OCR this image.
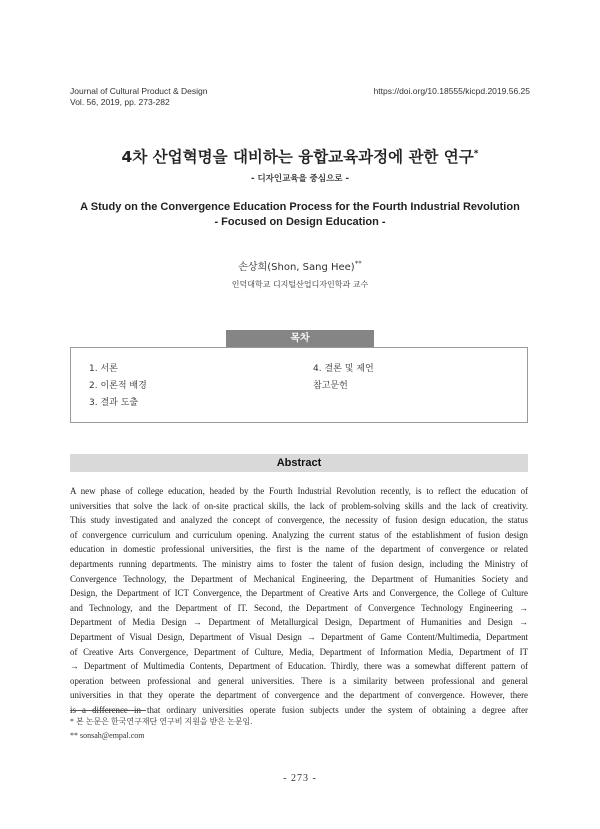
Journal of Cultural Product & Design
Vol. 56, 2019, pp. 273-282
https://doi.org/10.18555/kicpd.2019.56.25
4차 산업혁명을 대비하는 융합교육과정에 관한 연구*
- 디자인교육을 중심으로 -
A Study on the Convergence Education Process for the Fourth Industrial Revolution
- Focused on Design Education -
손상희(Shon, Sang Hee)**
인덕대학교 디지털산업디자인학과 교수
목차
1. 서론
2. 이론적 배경
3. 결과 도출
4. 결론 및 제언
참고문헌
Abstract
A new phase of college education, headed by the Fourth Industrial Revolution recently, is to reflect the education of
universities that solve the lack of on-site practical skills, the lack of problem-solving skills and the lack of creativity.
This study investigated and analyzed the concept of convergence, the necessity of fusion design education, the status
of convergence curriculum and curriculum opening. Analyzing the current status of the establishment of fusion design
education in domestic professional universities, the first is the name of the department of convergence or related
departments running departments. The ministry aims to foster the talent of fusion design, including the Ministry of
Convergence Technology, the Department of Mechanical Engineering, the Department of Humanities Society and
Design, the Department of ICT Convergence, the Department of Creative Arts and Convergence, the College of Culture
and Technology, and the Department of IT. Second, the Department of Convergence Technology Engineering →
Department of Media Design → Department of Metallurgical Design, Department of Humanities and Design →
Department of Visual Design, Department of Visual Design → Department of Game Content/Multimedia, Department
of Creative Arts Convergence, Department of Culture, Media, Department of Information Media, Department of IT
→ Department of Multimedia Contents, Department of Education. Thirdly, there was a somewhat different pattern of
operation between professional and general universities. There is a similarity between professional and general
universities in that they operate the department of convergence and the department of convergence. However, there
is a difference in that ordinary universities operate fusion subjects under the system of obtaining a degree after
* 본 논문은 한국연구재단 연구비 지원을 받은 논문임.
** sonsah@empal.com
- 273 -
